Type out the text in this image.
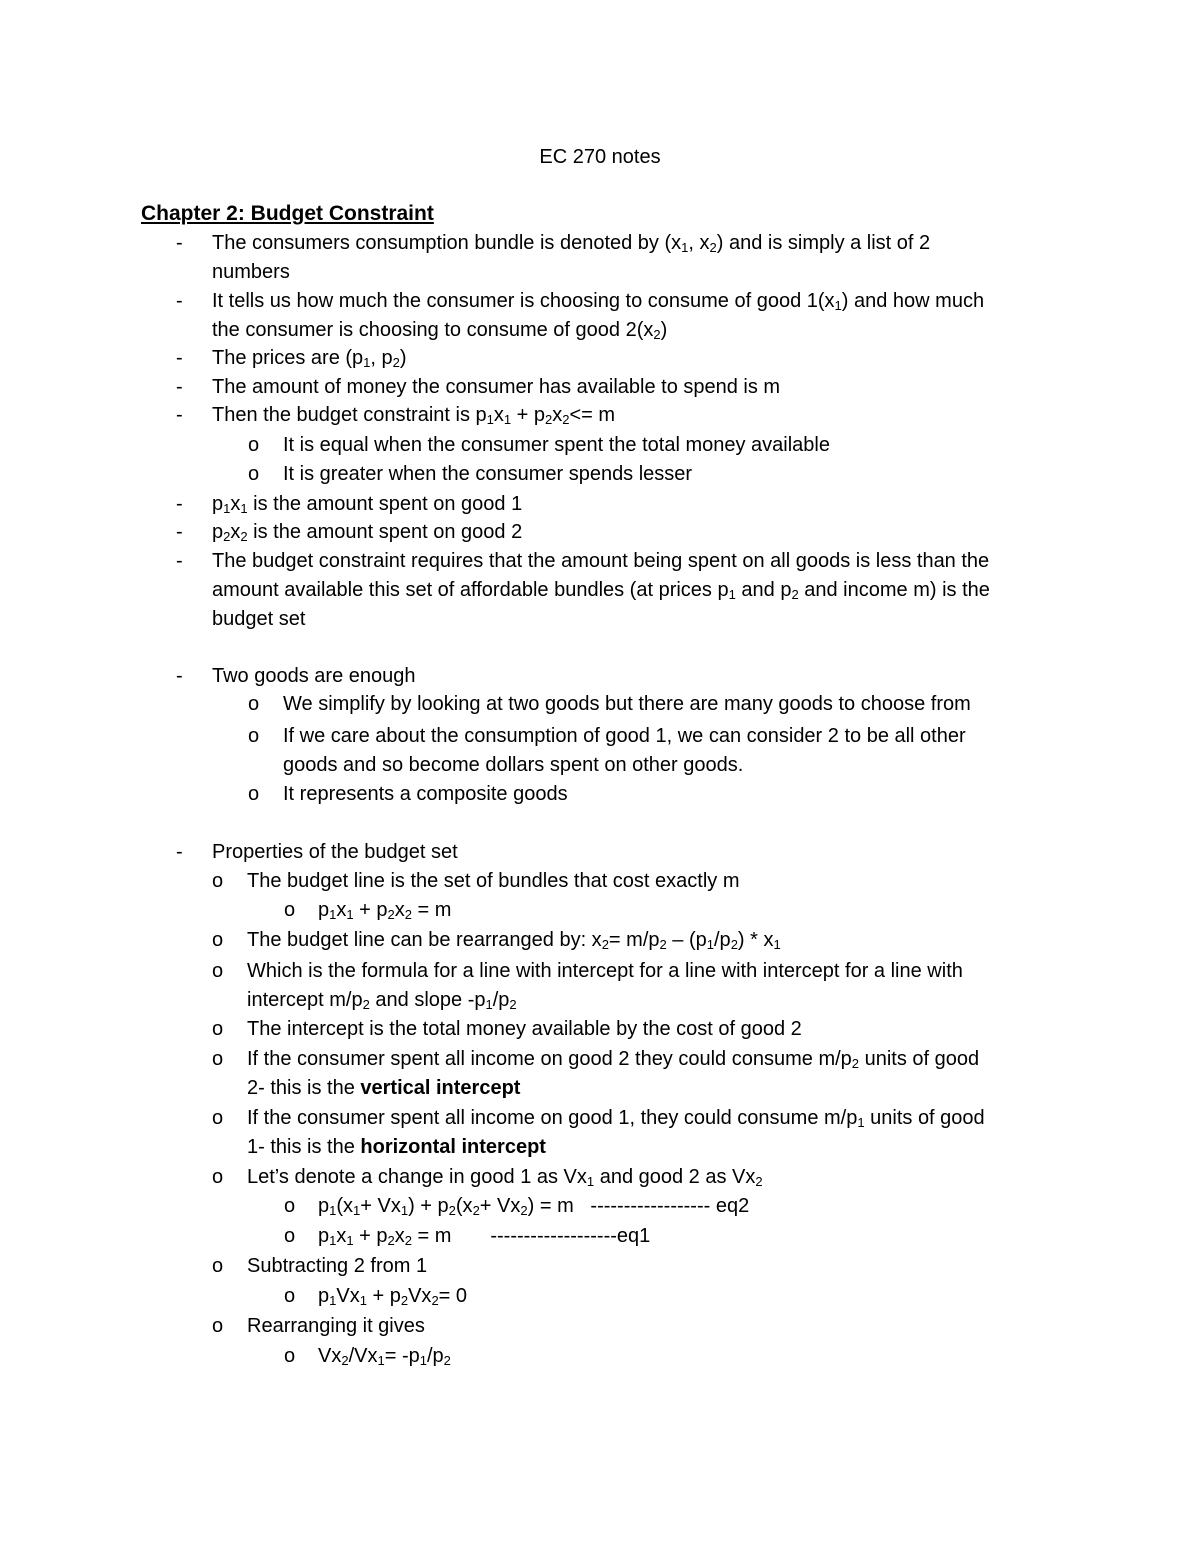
EC 270 notes
Chapter 2: Budget Constraint
-
-
-
-
-
-
-
-
-
-
o
o
o
o
o
o
o
o
o
o
o
o
o
o
o
o
o
o
o
The consumers consumption bundle is denoted by ($x_1$, $x_2$) and is simply a list of 2
numbers
It tells us how much the consumer is choosing to consume of good $1(x_1)$ and how much
the consumer is choosing to consume of good $2(x_2)$
The prices are ($p_1$, $p_2$)
The amount of money the consumer has available to spend is m
Then the budget constraint is $p_1x_1 + p_2x_2<= m$
It is equal when the consumer spent the total money available
It is greater when the consumer spends lesser
$p_1x_1$ is the amount spent on good 1
$p_2x_2$ is the amount spent on good 2
The budget constraint requires that the amount being spent on all goods is less than the
amount available this set of affordable bundles (at prices $p_1$ and $p_2$ and income m) is the
budget set
Two goods are enough
We simplify by looking at two goods but there are many goods to choose from
If we care about the consumption of good 1, we can consider 2 to be all other
goods and so become dollars spent on other goods.
It represents a composite goods
Properties of the budget set
The budget line is the set of bundles that cost exactly m
$p_1x_1 + p_2x_2 = m$
The budget line can be rearranged by: $x_2= m/p_2 - (p_1/p_2) * x_1$
Which is the formula for a line with intercept for a line with intercept for a line with
intercept $m/p_2$ and slope $-p_1/p_2$
The intercept is the total money available by the cost of good 2
If the consumer spent all income on good 2 they could consume $m/p_2$ units of good
2- this is the vertical intercept
If the consumer spent all income on good 1, they could consume $m/p_1$ units of good
1- this is the horizontal intercept
Let’s denote a change in good 1 as $Vx_1$ and good 2 as $Vx_2$
$p_1(x_1+ Vx_1) + p_2(x_2+ Vx_2) = m$   ------------------ eq2
$p_1x_1 + p_2x_2 = m$       -------------------eq1
Subtracting 2 from 1
$p_1Vx_1 + p_2Vx_2= 0$
Rearranging it gives
$Vx_2/Vx_1= -p_1/p_2$
